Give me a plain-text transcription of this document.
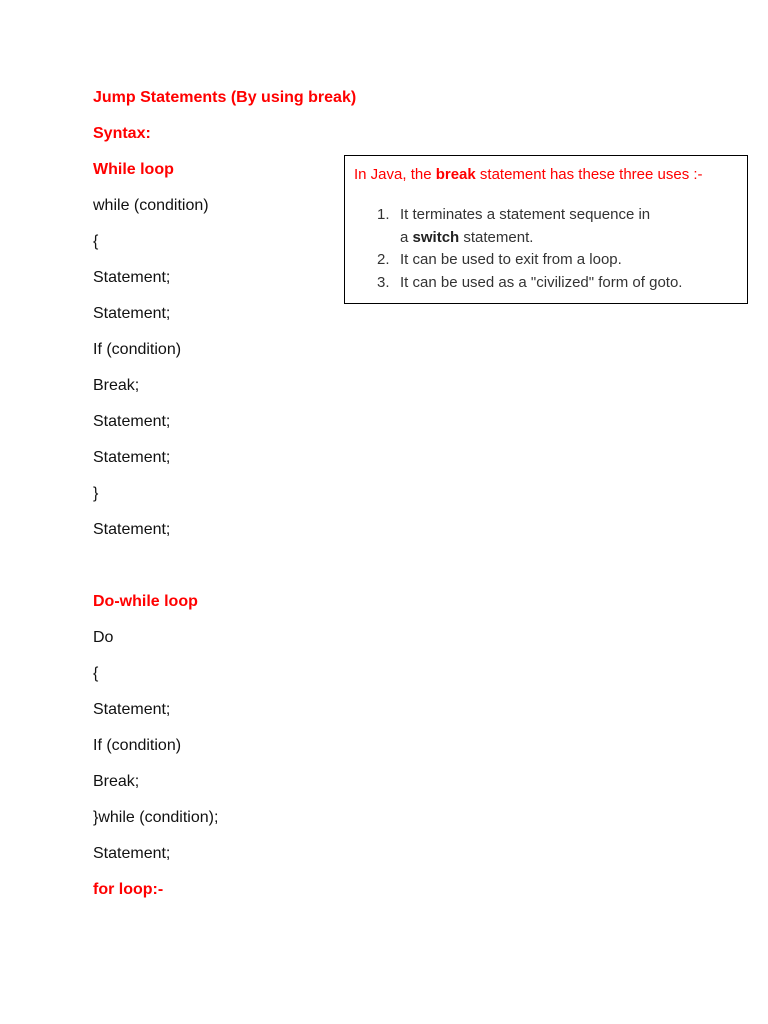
Jump Statements (By using break)
Syntax:
While loop
while (condition)
{
Statement;
Statement;
If (condition)
Break;
Statement;
Statement;
}
Statement;
Do-while loop
Do
{
Statement;
If (condition)
Break;
}while (condition);
Statement;
for loop:-
In Java, the break statement has these three uses :-
1. It terminates a statement sequence in
a switch statement.
2. It can be used to exit from a loop.
3. It can be used as a "civilized" form of goto.
